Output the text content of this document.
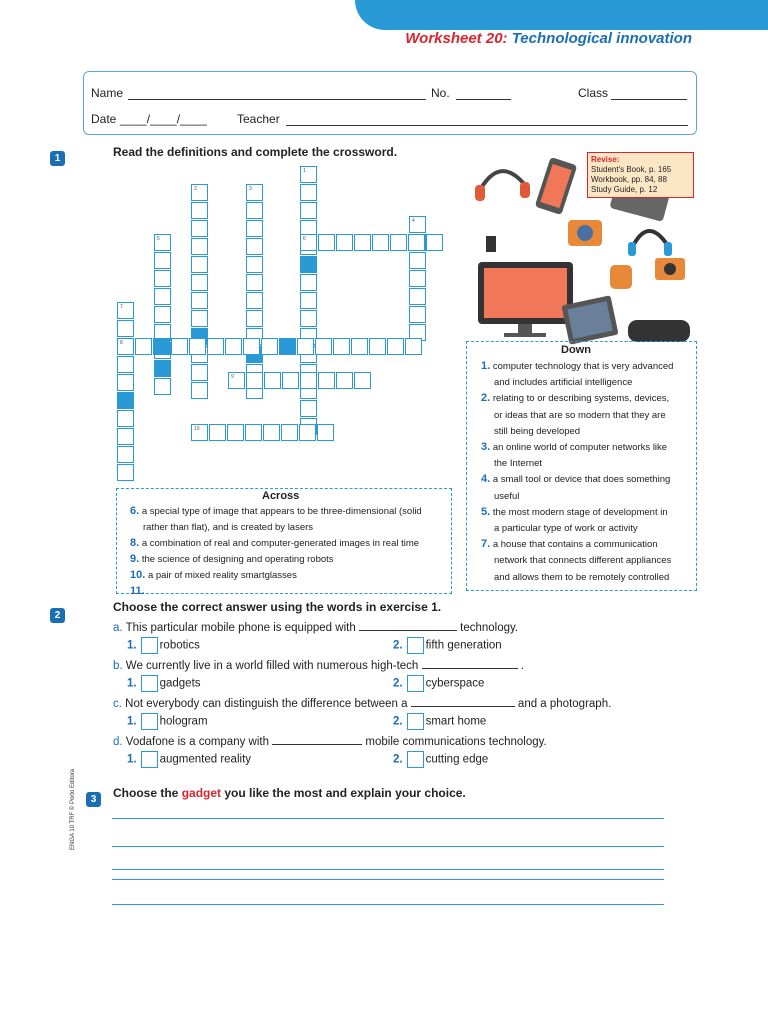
Worksheet 20: Technological innovation
Name	No.	Class
Date ____/____/____	Teacher
1	Read the definitions and complete the crossword.
1
2	3
4
5	6
7
8
9
10
Revise:
Student's Book, p. 165
Workbook, pp. 84, 88
Study Guide, p. 12
Across
6. a special type of image that appears to be three-dimensional (solid
rather than flat), and is created by lasers
8. a combination of real and computer-generated images in real time
9. the science of designing and operating robots
10. a pair of mixed reality smartglasses
11.
Down
1. computer technology that is very advanced
and includes artificial intelligence
2. relating to or describing systems, devices,
or ideas that are so modern that they are
still being developed
3. an online world of computer networks like
the Internet
4. a small tool or device that does something
useful
5. the most modern stage of development in
a particular type of work or activity
7. a house that contains a communication
network that connects different appliances
and allows them to be remotely controlled
2
Choose the correct answer using the words in exercise 1.
a. This particular mobile phone is equipped with	technology.
1. robotics	2. fifth generation
b. We currently live in a world filled with numerous high-tech	.
1. gadgets	2. cyberspace
c. Not everybody can distinguish the difference between a	and a photograph.
1. hologram	2. smart home
d. Vodafone is a company with	mobile communications technology.
1. augmented reality	2. cutting edge
3	Choose the gadget you like the most and explain your choice.
ENGA 10 TRF © Porto Editora
